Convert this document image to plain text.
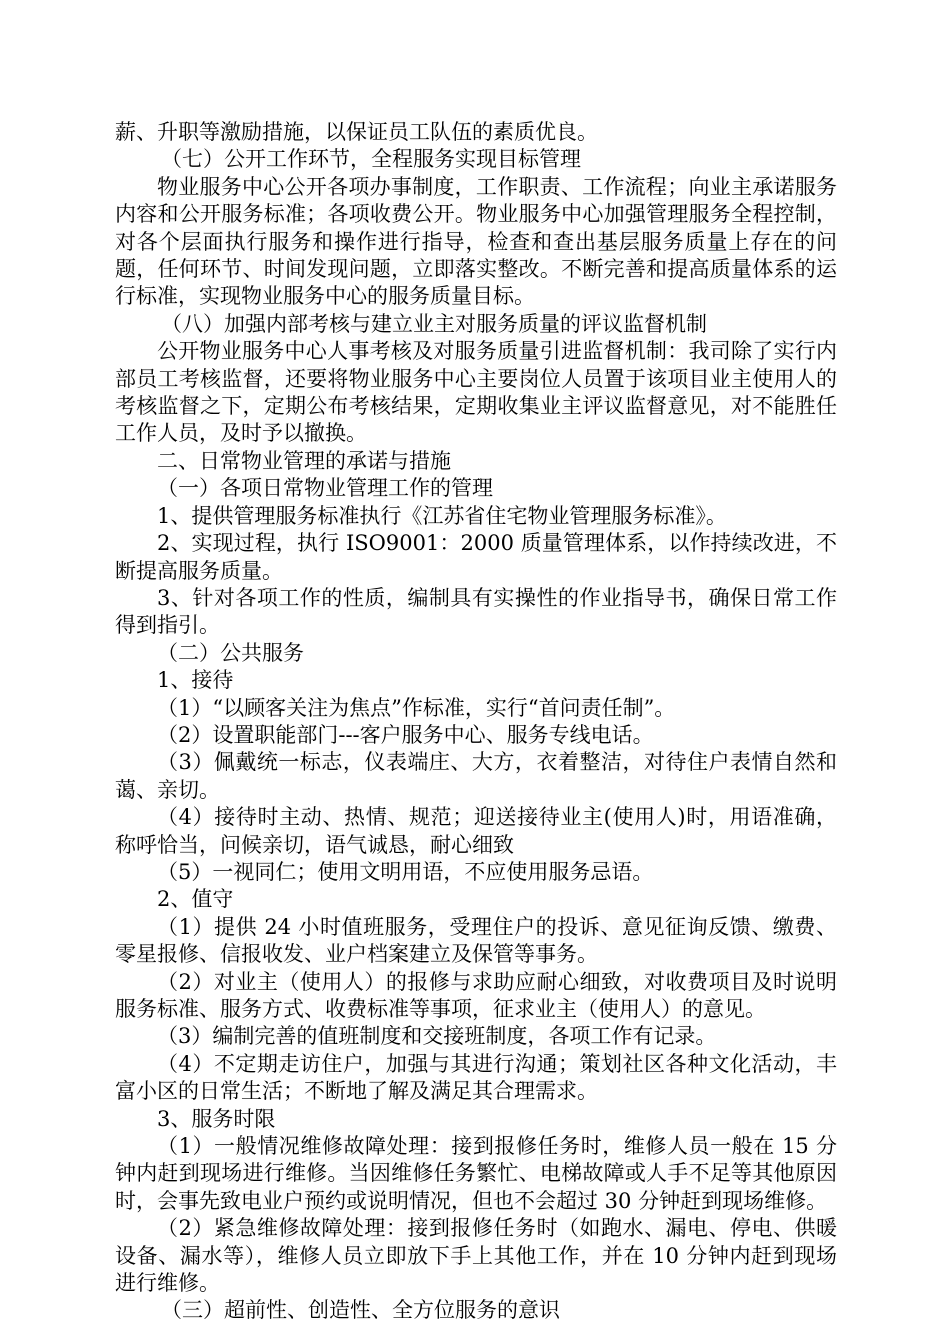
薪、升职等激励措施，以保证员工队伍的素质优良。

（七）公开工作环节，全程服务实现目标管理

物业服务中心公开各项办事制度，工作职责、工作流程；向业主承诺服务内容和公开服务标准；各项收费公开。物业服务中心加强管理服务全程控制，对各个层面执行服务和操作进行指导，检查和查出基层服务质量上存在的问题，任何环节、时间发现问题，立即落实整改。不断完善和提高质量体系的运行标准，实现物业服务中心的服务质量目标。

（八）加强内部考核与建立业主对服务质量的评议监督机制

公开物业服务中心人事考核及对服务质量引进监督机制：我司除了实行内部员工考核监督，还要将物业服务中心主要岗位人员置于该项目业主使用人的考核监督之下，定期公布考核结果，定期收集业主评议监督意见，对不能胜任工作人员，及时予以撤换。

二、日常物业管理的承诺与措施

（一）各项日常物业管理工作的管理

1、提供管理服务标准执行《江苏省住宅物业管理服务标准》。

2、实现过程，执行 ISO9001：2000 质量管理体系，以作持续改进，不断提高服务质量。

3、针对各项工作的性质，编制具有实操性的作业指导书，确保日常工作得到指引。

（二）公共服务

1、接待

（1）“以顾客关注为焦点”作标准，实行“首问责任制”。

（2）设置职能部门---客户服务中心、服务专线电话。

（3）佩戴统一标志，仪表端庄、大方，衣着整洁，对待住户表情自然和蔼、亲切。

（4）接待时主动、热情、规范；迎送接待业主(使用人)时，用语准确，称呼恰当，问候亲切，语气诚恳，耐心细致

（5）一视同仁；使用文明用语，不应使用服务忌语。

2、值守

（1）提供 24 小时值班服务，受理住户的投诉、意见征询反馈、缴费、零星报修、信报收发、业户档案建立及保管等事务。

（2）对业主（使用人）的报修与求助应耐心细致，对收费项目及时说明服务标准、服务方式、收费标准等事项，征求业主（使用人）的意见。

（3）编制完善的值班制度和交接班制度，各项工作有记录。

（4）不定期走访住户，加强与其进行沟通；策划社区各种文化活动，丰富小区的日常生活；不断地了解及满足其合理需求。

3、服务时限

（1）一般情况维修故障处理：接到报修任务时，维修人员一般在 15 分钟内赶到现场进行维修。当因维修任务繁忙、电梯故障或人手不足等其他原因时，会事先致电业户预约或说明情况，但也不会超过 30 分钟赶到现场维修。

（2）紧急维修故障处理：接到报修任务时（如跑水、漏电、停电、供暖设备、漏水等），维修人员立即放下手上其他工作，并在 10 分钟内赶到现场进行维修。

（三）超前性、创造性、全方位服务的意识
